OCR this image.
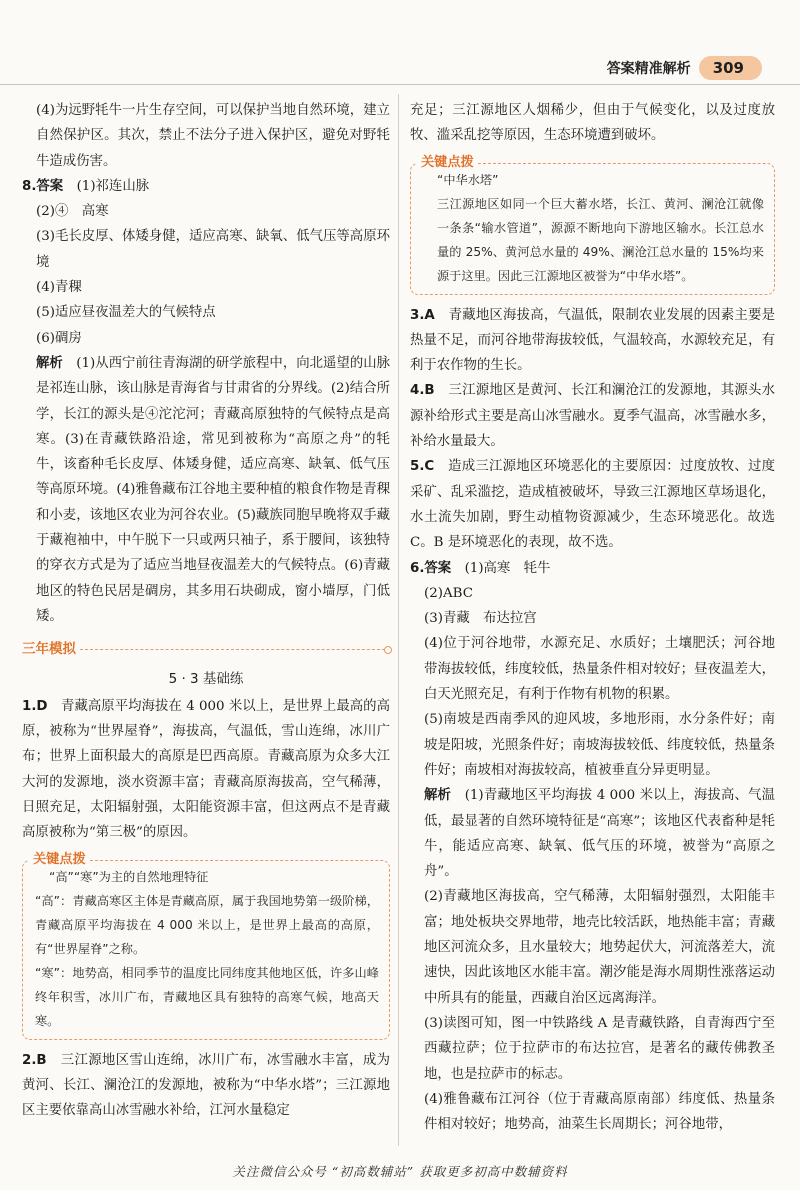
答案精准解析	309

(4)为远野牦牛一片生存空间，可以保护当地自然环境，建立自然保护区。其次，禁止不法分子进入保护区，避免对野牦牛造成伤害。

8.答案　 (1)祁连山脉

(2)④　高寒

(3)毛长皮厚、体矮身健，适应高寒、缺氧、低气压等高原环境

(4)青稞

(5)适应昼夜温差大的气候特点

(6)碉房

解析　 (1)从西宁前往青海湖的研学旅程中，向北遥望的山脉是祁连山脉，该山脉是青海省与甘肃省的分界线。(2)结合所学，长江的源头是④沱沱河；青藏高原独特的气候特点是高寒。(3)在青藏铁路沿途，常见到被称为“高原之舟”的牦牛，该畜种毛长皮厚、体矮身健，适应高寒、缺氧、低气压等高原环境。(4)雅鲁藏布江谷地主要种植的粮食作物是青稞和小麦，该地区农业为河谷农业。(5)藏族同胞早晚将双手藏于藏袍袖中，中午脱下一只或两只袖子，系于腰间，该独特的穿衣方式是为了适应当地昼夜温差大的气候特点。(6)青藏地区的特色民居是碉房，其多用石块砌成，窗小墙厚，门低矮。

三年模拟
5 · 3 基础练

1.D　 青藏高原平均海拔在 4 000 米以上，是世界上最高的高原，被称为“世界屋脊”，海拔高，气温低，雪山连绵，冰川广布；世界上面积最大的高原是巴西高原。青藏高原为众多大江大河的发源地，淡水资源丰富；青藏高原海拔高，空气稀薄，日照充足，太阳辐射强，太阳能资源丰富，但这两点不是青藏高原被称为“第三极”的原因。

关键点拨

“高”“寒”为主的自然地理特征

“高”：青藏高寒区主体是青藏高原，属于我国地势第一级阶梯，青藏高原平均海拔在 4 000 米以上，是世界上最高的高原，有“世界屋脊”之称。

“寒”：地势高，相同季节的温度比同纬度其他地区低，许多山峰终年积雪，冰川广布，青藏地区具有独特的高寒气候，地高天寒。

2.B　 三江源地区雪山连绵，冰川广布，冰雪融水丰富，成为黄河、长江、澜沧江的发源地，被称为“中华水塔”；三江源地区主要依靠高山冰雪融水补给，江河水量稳定

充足；三江源地区人烟稀少，但由于气候变化，以及过度放牧、滥采乱挖等原因，生态环境遭到破坏。

关键点拨

“中华水塔”

三江源地区如同一个巨大蓄水塔，长江、黄河、澜沧江就像一条条“输水管道”，源源不断地向下游地区输水。长江总水量的 25%、黄河总水量的 49%、澜沧江总水量的 15%均来源于这里。因此三江源地区被誉为“中华水塔”。

3.A　 青藏地区海拔高，气温低，限制农业发展的因素主要是热量不足，而河谷地带海拔较低，气温较高，水源较充足，有利于农作物的生长。

4.B　 三江源地区是黄河、长江和澜沧江的发源地，其源头水源补给形式主要是高山冰雪融水。夏季气温高，冰雪融水多，补给水量最大。

5.C　 造成三江源地区环境恶化的主要原因：过度放牧、过度采矿、乱采滥挖，造成植被破坏，导致三江源地区草场退化，水土流失加剧，野生动植物资源减少，生态环境恶化。故选 C。B 是环境恶化的表现，故不选。

6.答案　 (1)高寒　牦牛

(2)ABC

(3)青藏　布达拉宫

(4)位于河谷地带，水源充足、水质好；土壤肥沃；河谷地带海拔较低，纬度较低，热量条件相对较好；昼夜温差大，白天光照充足，有利于作物有机物的积累。

(5)南坡是西南季风的迎风坡，多地形雨，水分条件好；南坡是阳坡，光照条件好；南坡海拔较低、纬度较低，热量条件好；南坡相对海拔较高，植被垂直分异更明显。

解析　 (1)青藏地区平均海拔 4 000 米以上，海拔高、气温低，最显著的自然环境特征是“高寒”；该地区代表畜种是牦牛，能适应高寒、缺氧、低气压的环境，被誉为“高原之舟”。

(2)青藏地区海拔高，空气稀薄，太阳辐射强烈，太阳能丰富；地处板块交界地带，地壳比较活跃，地热能丰富；青藏地区河流众多，且水量较大；地势起伏大，河流落差大，流速快，因此该地区水能丰富。潮汐能是海水周期性涨落运动中所具有的能量，西藏自治区远离海洋。

(3)读图可知，图一中铁路线 A 是青藏铁路，自青海西宁至西藏拉萨；位于拉萨市的布达拉宫，是著名的藏传佛教圣地，也是拉萨市的标志。

(4)雅鲁藏布江河谷（位于青藏高原南部）纬度低、热量条件相对较好；地势高，油菜生长周期长；河谷地带，

关注微信公众号 “初高数辅站” 获取更多初高中数辅资料
